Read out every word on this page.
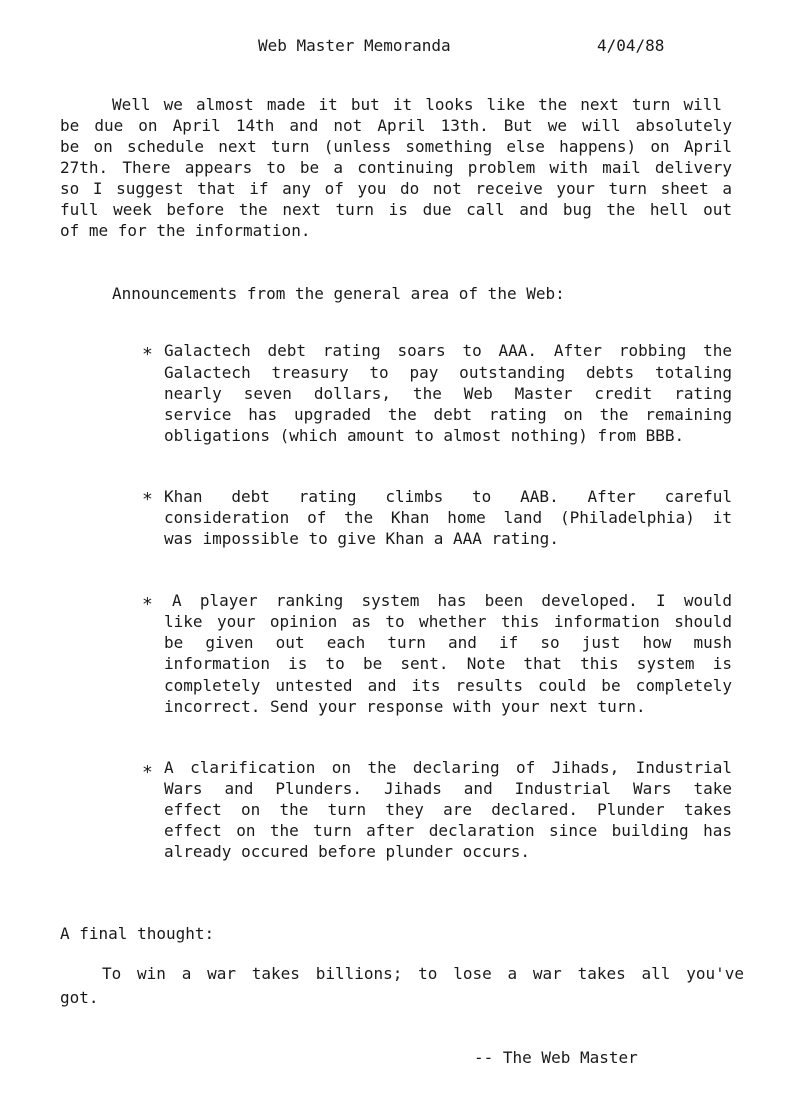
Web Master Memoranda	4/04/88
Well we almost made it but it looks like the next turn will
be due on April 14th and not April 13th. But we will absolutely
be on schedule next turn (unless something else happens) on April
27th. There appears to be a continuing problem with mail delivery
so I suggest that if any of you do not receive your turn sheet a
full week before the next turn is due call and bug the hell out
of me for the information.
Announcements from the general area of the Web:
* Galactech debt rating soars to AAA. After robbing the
Galactech treasury to pay outstanding debts totaling
nearly seven dollars, the Web Master credit rating
service has upgraded the debt rating on the remaining
obligations (which amount to almost nothing) from BBB.
* Khan debt rating climbs to AAB. After careful
consideration of the Khan home land (Philadelphia) it
was impossible to give Khan a AAA rating.
* A player ranking system has been developed. I would
like your opinion as to whether this information should
be given out each turn and if so just how mush
information is to be sent. Note that this system is
completely untested and its results could be completely
incorrect. Send your response with your next turn.
* A clarification on the declaring of Jihads, Industrial
Wars and Plunders. Jihads and Industrial Wars take
effect on the turn they are declared. Plunder takes
effect on the turn after declaration since building has
already occured before plunder occurs.
A final thought:
To win a war takes billions; to lose a war takes all you've
got.
-- The Web Master
